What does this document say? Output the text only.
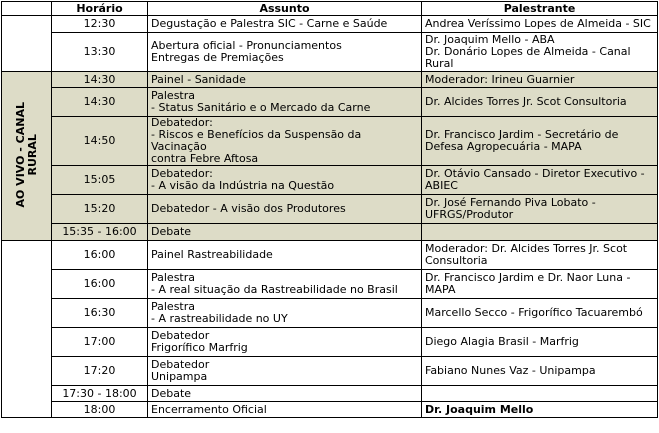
	Horário	Assunto	Palestrante
	12:30	Degustação e Palestra SIC - Carne e Saúde	Andrea Veríssimo Lopes de Almeida - SIC
	13:30	Abertura oficial - Pronunciamentos
Entregas de Premiações	Dr. Joaquim Mello - ABA
Dr. Donário Lopes de Almeida - Canal
Rural

AO VIVO - CANAL
RURAL	14:30	Painel - Sanidade	Moderador: Irineu Guarnier
	14:30	Palestra
- Status Sanitário e o Mercado da Carne	Dr. Alcides Torres Jr. Scot Consultoria
	14:50	Debatedor:
- Riscos e Benefícios da Suspensão da Vacinação
contra Febre Aftosa	Dr. Francisco Jardim - Secretário de
Defesa Agropecuária - MAPA

	15:05	Debatedor:
- A visão da Indústria na Questão	Dr. Otávio Cansado - Diretor Executivo -
ABIEC

	15:20	Debatedor - A visão dos Produtores	Dr. José Fernando Piva Lobato -
UFRGS/Produtor

	15:35 - 16:00	Debate	
	16:00	Painel Rastreabilidade	Moderador: Dr. Alcides Torres Jr. Scot
Consultoria

	16:00	Palestra
- A real situação da Rastreabilidade no Brasil	Dr. Francisco Jardim e Dr. Naor Luna -
MAPA

	16:30	Palestra
- A rastreabilidade no UY	Marcello Secco - Frigorífico Tacuarembó
	17:00	Debatedor
Frigorífico Marfrig	Diego Alagia Brasil - Marfrig
	17:20	Debatedor
Unipampa	Fabiano Nunes Vaz - Unipampa
	17:30 - 18:00	Debate	
	18:00	Encerramento Oficial	Dr. Joaquim Mello
